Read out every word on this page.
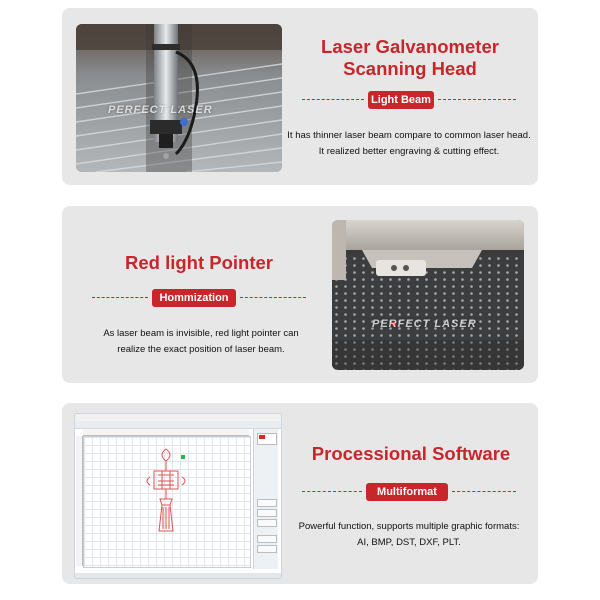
PERFECT LASER
Laser Galvanometer Scanning Head
Light Beam

It has thinner laser beam compare to common laser head.
It realized better engraving & cutting effect.

Red light Pointer
Hommization

As laser beam is invisible, red light pointer can
realize the exact position of laser beam.

PERFECT LASER
Processional Software
Multiformat

Powerful function, supports multiple graphic formats:
AI, BMP, DST, DXF, PLT.
